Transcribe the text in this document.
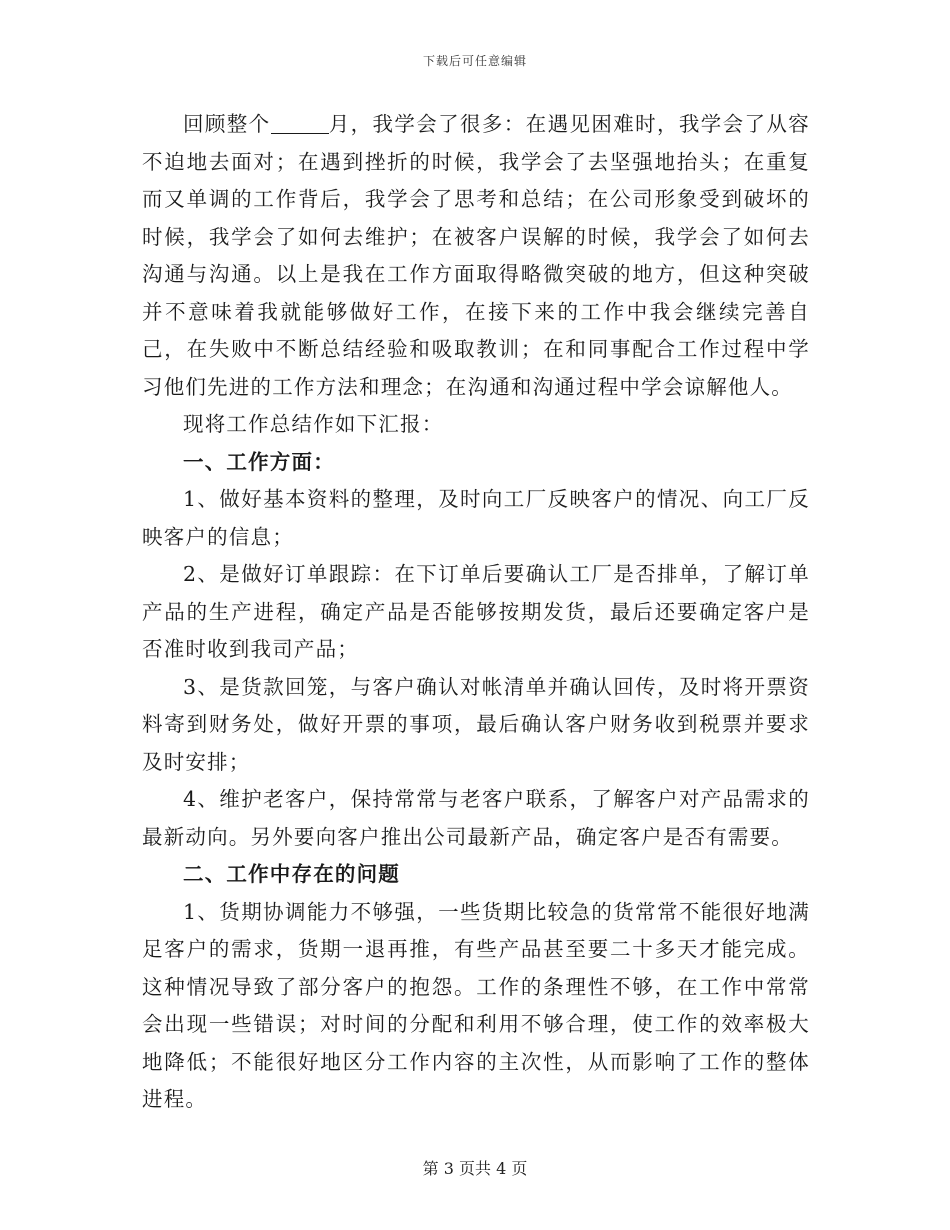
下载后可任意编辑

回顾整个	月，我学会了很多：在遇见困难时，我学会了从容不迫地去面对；在遇到挫折的时候，我学会了去坚强地抬头；在重复而又单调的工作背后，我学会了思考和总结；在公司形象受到破坏的时候，我学会了如何去维护；在被客户误解的时候，我学会了如何去沟通与沟通。以上是我在工作方面取得略微突破的地方，但这种突破并不意味着我就能够做好工作，在接下来的工作中我会继续完善自己，在失败中不断总结经验和吸取教训；在和同事配合工作过程中学习他们先进的工作方法和理念；在沟通和沟通过程中学会谅解他人。

现将工作总结作如下汇报：

一、工作方面：

1、做好基本资料的整理，及时向工厂反映客户的情况、向工厂反映客户的信息；

2、是做好订单跟踪：在下订单后要确认工厂是否排单，了解订单产品的生产进程，确定产品是否能够按期发货，最后还要确定客户是否准时收到我司产品；

3、是货款回笼，与客户确认对帐清单并确认回传，及时将开票资料寄到财务处，做好开票的事项，最后确认客户财务收到税票并要求及时安排；

4、维护老客户，保持常常与老客户联系，了解客户对产品需求的最新动向。另外要向客户推出公司最新产品，确定客户是否有需要。

二、工作中存在的问题

1、货期协调能力不够强，一些货期比较急的货常常不能很好地满足客户的需求，货期一退再推，有些产品甚至要二十多天才能完成。这种情况导致了部分客户的抱怨。工作的条理性不够，在工作中常常会出现一些错误；对时间的分配和利用不够合理，使工作的效率极大地降低；不能很好地区分工作内容的主次性，从而影响了工作的整体进程。

第 3 页共 4 页
